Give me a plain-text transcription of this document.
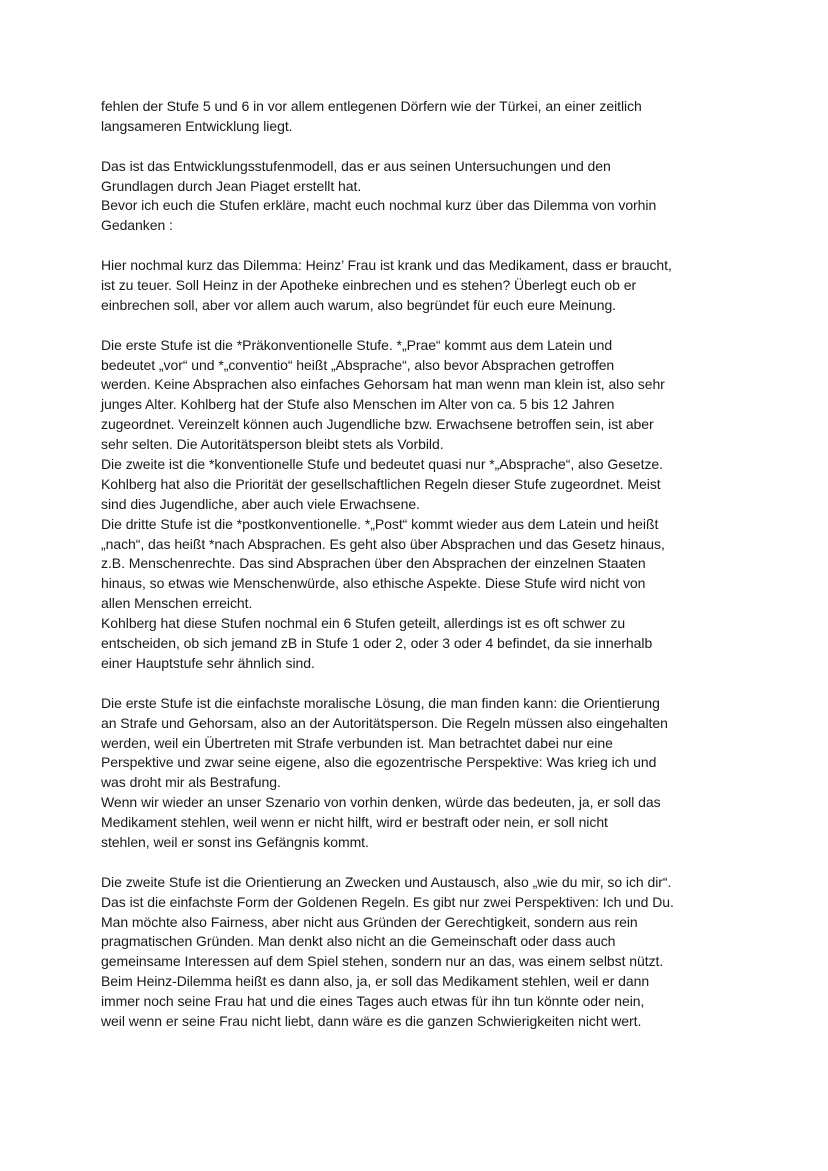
fehlen der Stufe 5 und 6 in vor allem entlegenen Dörfern wie der Türkei, an einer zeitlich
langsameren Entwicklung liegt.
Das ist das Entwicklungsstufenmodell, das er aus seinen Untersuchungen und den
Grundlagen durch Jean Piaget erstellt hat.
Bevor ich euch die Stufen erkläre, macht euch nochmal kurz über das Dilemma von vorhin
Gedanken :
Hier nochmal kurz das Dilemma: Heinz’ Frau ist krank und das Medikament, dass er braucht,
ist zu teuer. Soll Heinz in der Apotheke einbrechen und es stehen? Überlegt euch ob er
einbrechen soll, aber vor allem auch warum, also begründet für euch eure Meinung.
Die erste Stufe ist die *Präkonventionelle Stufe. *„Prae“ kommt aus dem Latein und
bedeutet „vor“ und *„conventio“ heißt „Absprache“, also bevor Absprachen getroffen
werden. Keine Absprachen also einfaches Gehorsam hat man wenn man klein ist, also sehr
junges Alter. Kohlberg hat der Stufe also Menschen im Alter von ca. 5 bis 12 Jahren
zugeordnet. Vereinzelt können auch Jugendliche bzw. Erwachsene betroffen sein, ist aber
sehr selten. Die Autoritätsperson bleibt stets als Vorbild.
Die zweite ist die *konventionelle Stufe und bedeutet quasi nur *„Absprache“, also Gesetze.
Kohlberg hat also die Priorität der gesellschaftlichen Regeln dieser Stufe zugeordnet. Meist
sind dies Jugendliche, aber auch viele Erwachsene.
Die dritte Stufe ist die *postkonventionelle. *„Post“ kommt wieder aus dem Latein und heißt
„nach“, das heißt *nach Absprachen. Es geht also über Absprachen und das Gesetz hinaus,
z.B. Menschenrechte. Das sind Absprachen über den Absprachen der einzelnen Staaten
hinaus, so etwas wie Menschenwürde, also ethische Aspekte. Diese Stufe wird nicht von
allen Menschen erreicht.
Kohlberg hat diese Stufen nochmal ein 6 Stufen geteilt, allerdings ist es oft schwer zu
entscheiden, ob sich jemand zB in Stufe 1 oder 2, oder 3 oder 4 befindet, da sie innerhalb
einer Hauptstufe sehr ähnlich sind.
Die erste Stufe ist die einfachste moralische Lösung, die man finden kann: die Orientierung
an Strafe und Gehorsam, also an der Autoritätsperson. Die Regeln müssen also eingehalten
werden, weil ein Übertreten mit Strafe verbunden ist. Man betrachtet dabei nur eine
Perspektive und zwar seine eigene, also die egozentrische Perspektive: Was krieg ich und
was droht mir als Bestrafung.
Wenn wir wieder an unser Szenario von vorhin denken, würde das bedeuten, ja, er soll das
Medikament stehlen, weil wenn er nicht hilft, wird er bestraft oder nein, er soll nicht
stehlen, weil er sonst ins Gefängnis kommt.
Die zweite Stufe ist die Orientierung an Zwecken und Austausch, also „wie du mir, so ich dir“.
Das ist die einfachste Form der Goldenen Regeln. Es gibt nur zwei Perspektiven: Ich und Du.
Man möchte also Fairness, aber nicht aus Gründen der Gerechtigkeit, sondern aus rein
pragmatischen Gründen. Man denkt also nicht an die Gemeinschaft oder dass auch
gemeinsame Interessen auf dem Spiel stehen, sondern nur an das, was einem selbst nützt.
Beim Heinz-Dilemma heißt es dann also, ja, er soll das Medikament stehlen, weil er dann
immer noch seine Frau hat und die eines Tages auch etwas für ihn tun könnte oder nein,
weil wenn er seine Frau nicht liebt, dann wäre es die ganzen Schwierigkeiten nicht wert.
